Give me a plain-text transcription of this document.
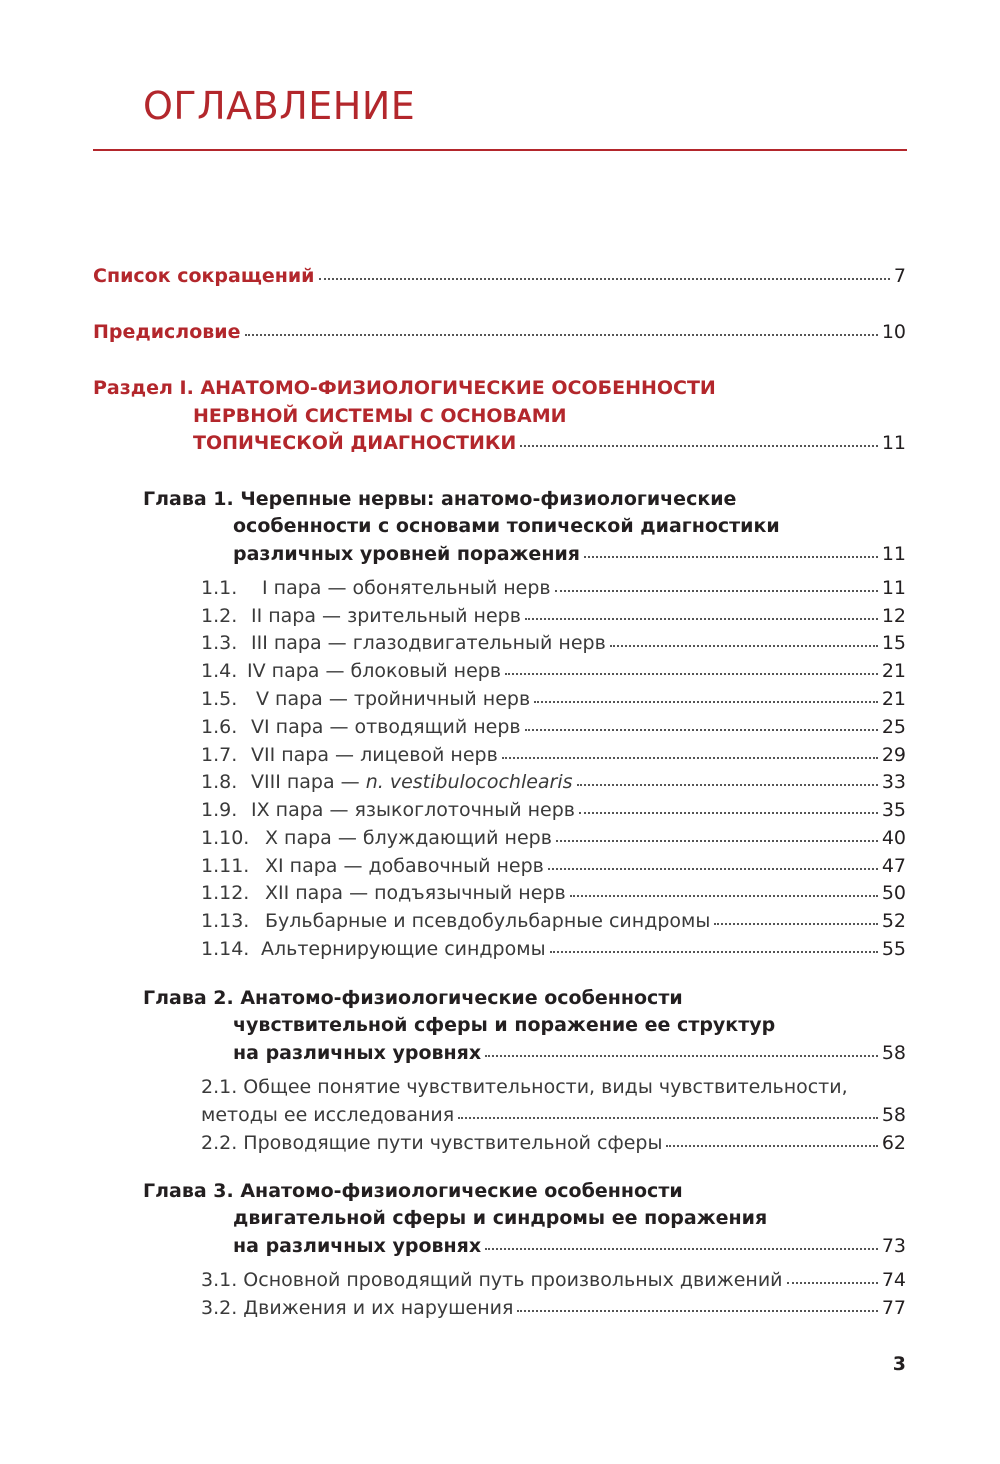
ОГЛАВЛЕНИЕ
Список сокращений	7
Предисловие	10
Раздел I. АНАТОМО-ФИЗИОЛОГИЧЕСКИЕ ОСОБЕННОСТИ
НЕРВНОЙ СИСТЕМЫ С ОСНОВАМИ
ТОПИЧЕСКОЙ ДИАГНОСТИКИ	11
Глава 1. Черепные нервы: анатомо-физиологические
особенности с основами топической диагностики
различных уровней поражения	11
1.1.	I пара — обонятельный нерв	11
1.2. II пара — зрительный нерв	12
1.3. III пара — глазодвигательный нерв	15
1.4. IV пара — блоковый нерв	21
1.5. V пара — тройничный нерв	21
1.6. VI пара — отводящий нерв	25
1.7. VII пара — лицевой нерв	29
1.8. VIII пара — n. vestibulocochlearis	33
1.9. IX пара — языкоглоточный нерв	35
1.10. X пара — блуждающий нерв	40
1.11. XI пара — добавочный нерв	47
1.12. XII пара — подъязычный нерв	50
1.13. Бульбарные и псевдобульбарные синдромы	52
1.14. Альтернирующие синдромы	55
Глава 2. Анатомо-физиологические особенности
чувствительной сферы и поражение ее структур
на различных уровнях	58
2.1. Общее понятие чувствительности, виды чувствительности,
методы ее исследования	58
2.2. Проводящие пути чувствительной сферы	62
Глава 3. Анатомо-физиологические особенности
двигательной сферы и синдромы ее поражения
на различных уровнях	73
3.1. Основной проводящий путь произвольных движений	74
3.2. Движения и их нарушения	77
3
